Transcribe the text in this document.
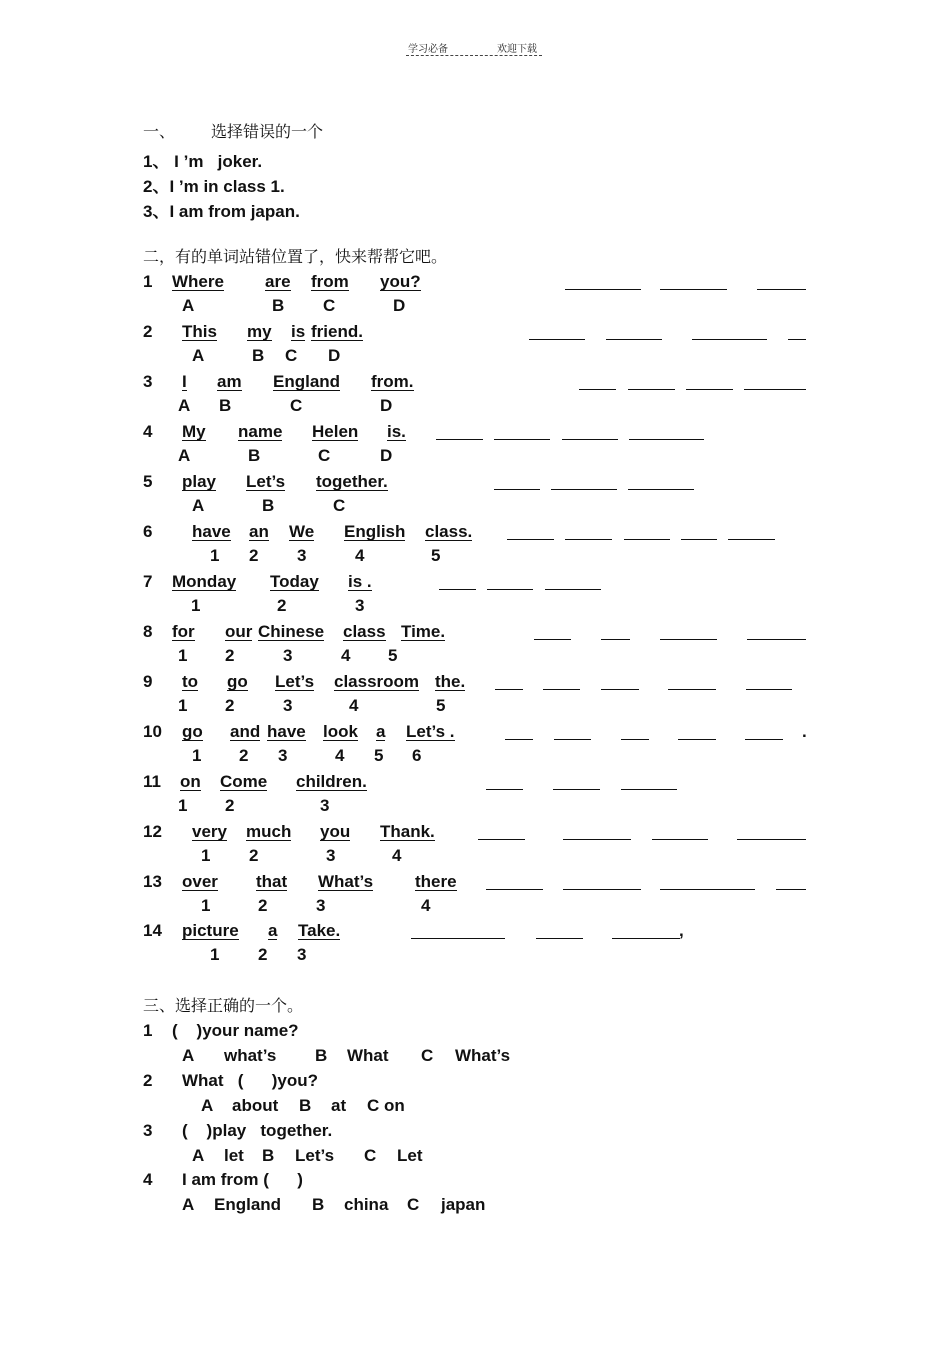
学习必备	欢迎下载
一、 选择错误的一个
1、 I ’m   joker.
2、I ’m in class 1.
3、I am from japan.
二，有的单词站错位置了，快来帮帮它吧。
1 Where are from you?
A	B C	D
2 This my is friend.
A	B C D
3 I am England from.
A B	C	D
4 My name Helen is.
A	B	C	D
5 play Let’s together.
A	B	C
6 have an We English class.
1 2 3	4	5
7 Monday Today is .
1	2	3
8 for our Chinese class Time.
1 2	3	4 5
9 to go Let’s classroom the.
1 2	3	4	5
10 go and have look a Let’s .
1 2 3	4 5 6
11 on Come children.
1 2	3
12 very much you Thank.
1 2	3	4
13 over that What’s there
1	2	3	4
14 picture a Take.
1 2 3
.
,
三、选择正确的一个。
1 (    )your name?
A what’s B What C What’s
2 What   (      )you?
A about B at C on
3 (    )play   together.
A let B Let’s C Let
4 I am from (      )
A England B china C japan
